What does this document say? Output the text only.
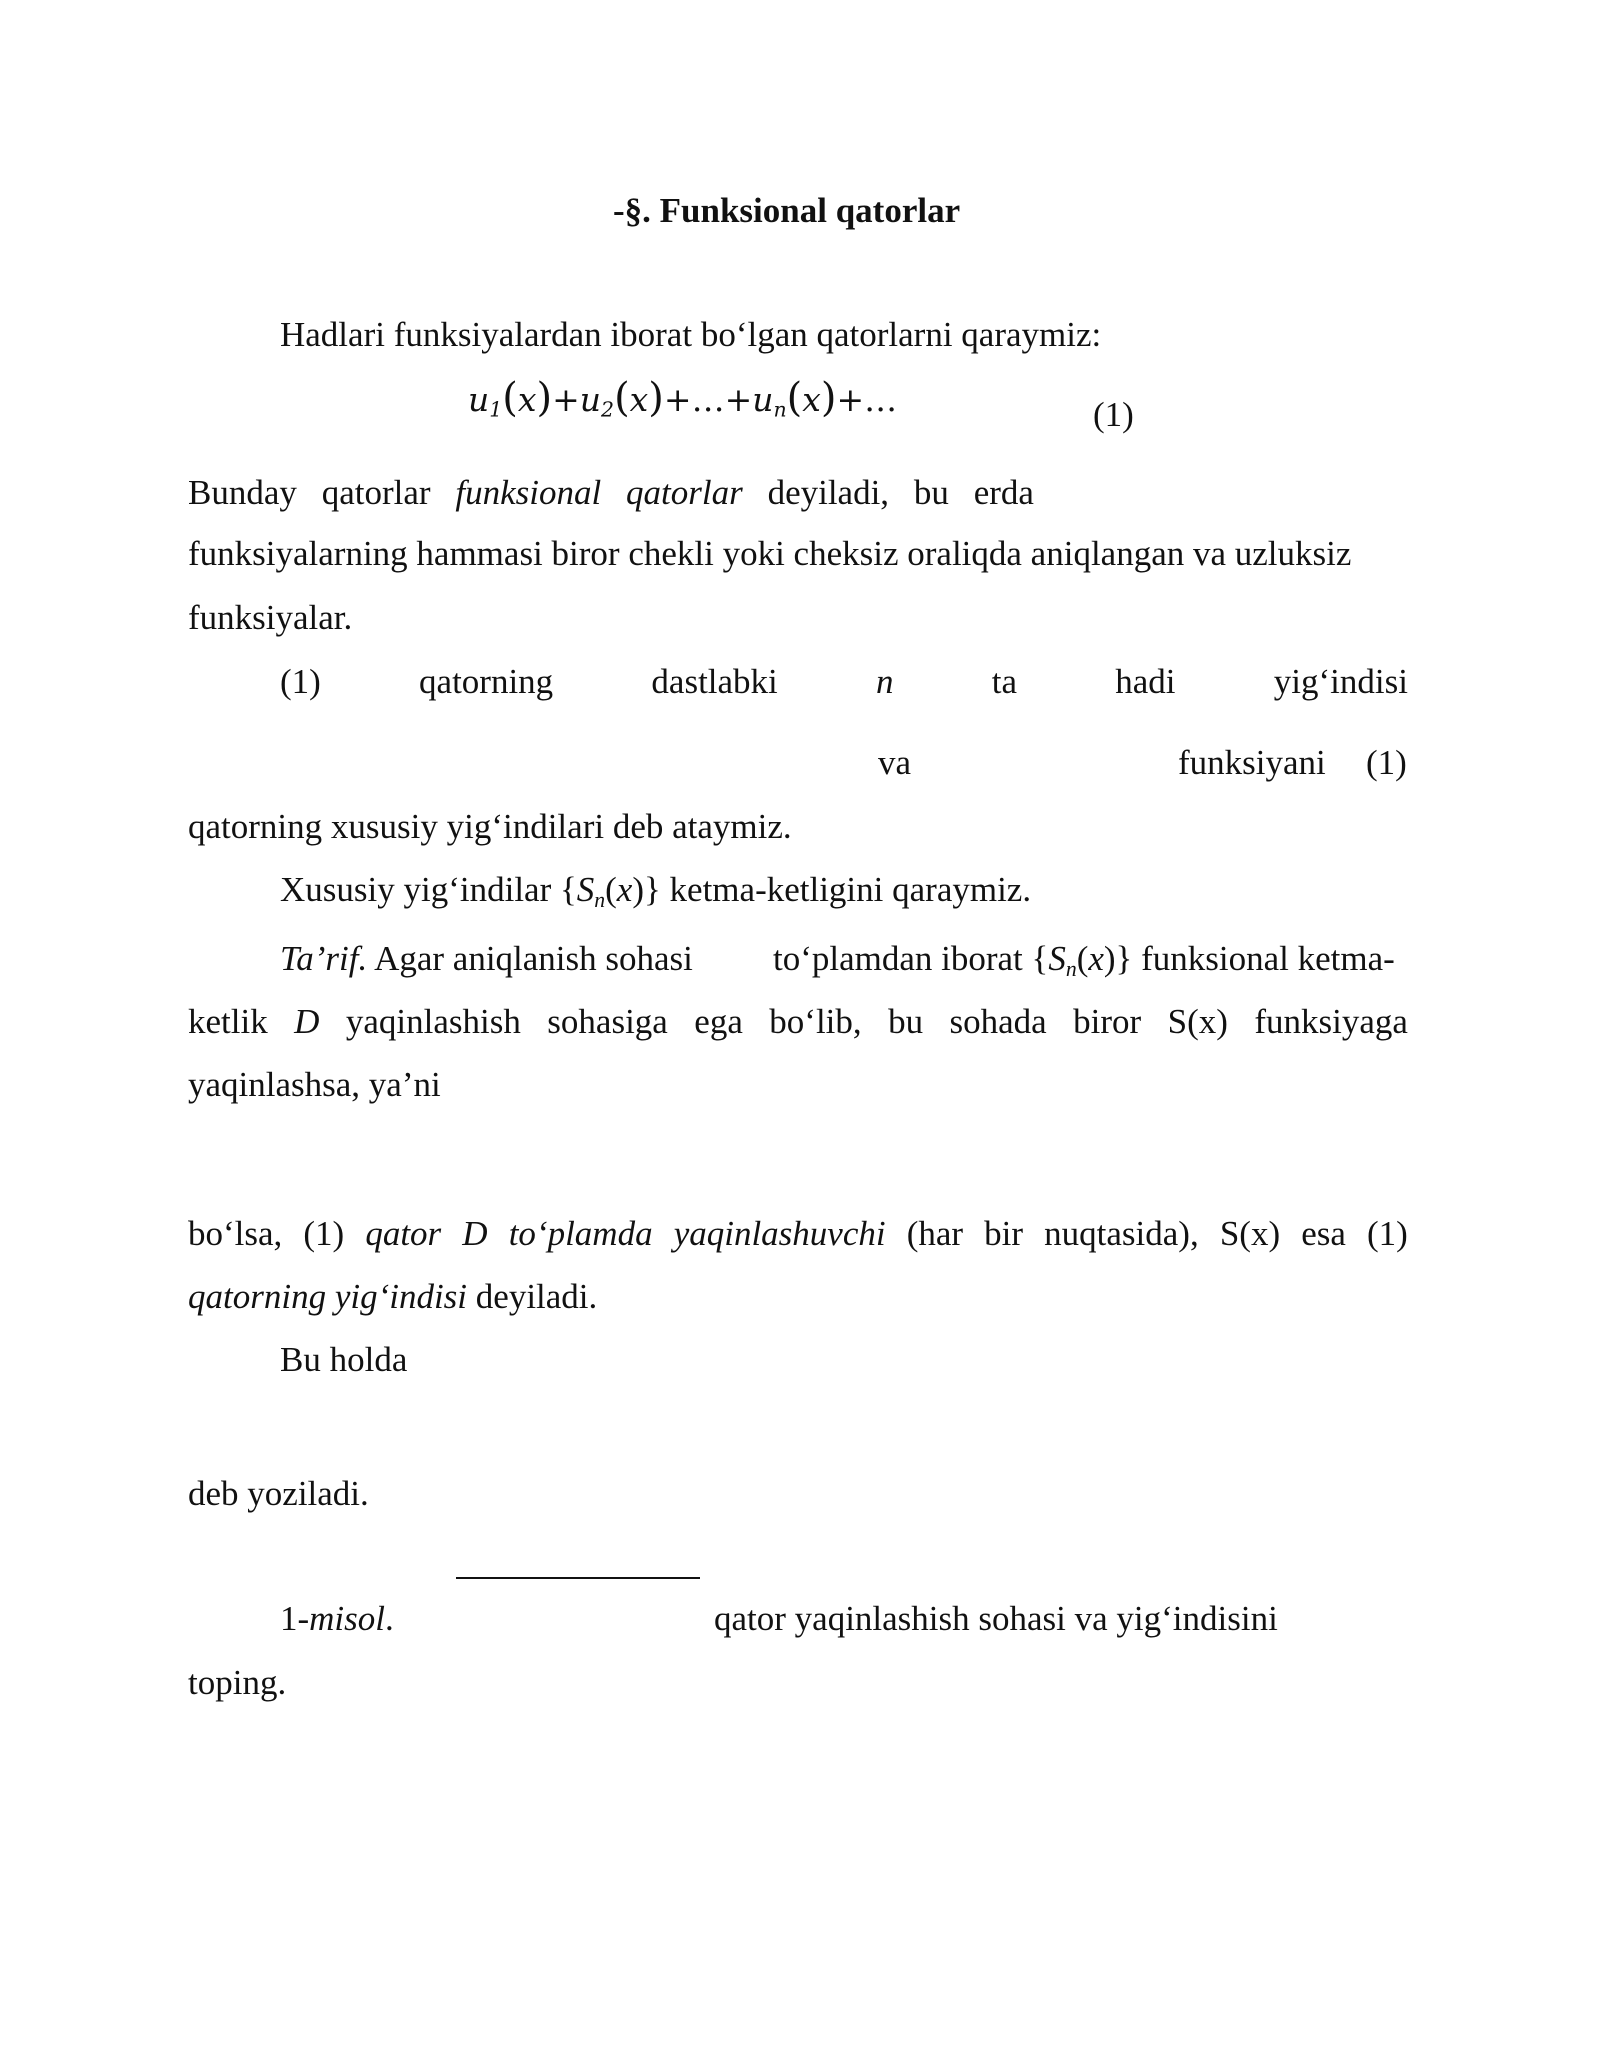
-§. Funksional qatorlar
Hadlari funksiyalardan iborat bo‘lgan qatorlarni qaraymiz:
$u_1(x)+u_2(x)+\dots+u_n(x)+\dots$	(1)
Bunday qatorlar funksional qatorlar deyiladi, bu erda
funksiyalarning hammasi biror chekli yoki cheksiz oraliqda aniqlangan va uzluksiz
funksiyalar.
(1)	qatorning	dastlabki	n	ta	hadi	yig‘indisi
va	funksiyani (1)
qatorning xususiy yig‘indilari deb ataymiz.
Xususiy yig‘indilar $\{S_n(x)\}$ ketma-ketligini qaraymiz.
Ta’rif. Agar aniqlanish sohasi to‘plamdan iborat $\{S_n(x)\}$ funksional ketma-
ketlik D yaqinlashish sohasiga ega bo‘lib, bu sohada biror S(x) funksiyaga
yaqinlashsa, ya’ni
bo‘lsa, (1) qator D to‘plamda yaqinlashuvchi (har bir nuqtasida), S(x) esa (1)
qatorning yig‘indisi deyiladi.
Bu holda
deb yoziladi.
1-misol.	qator yaqinlashish sohasi va yig‘indisini
toping.
